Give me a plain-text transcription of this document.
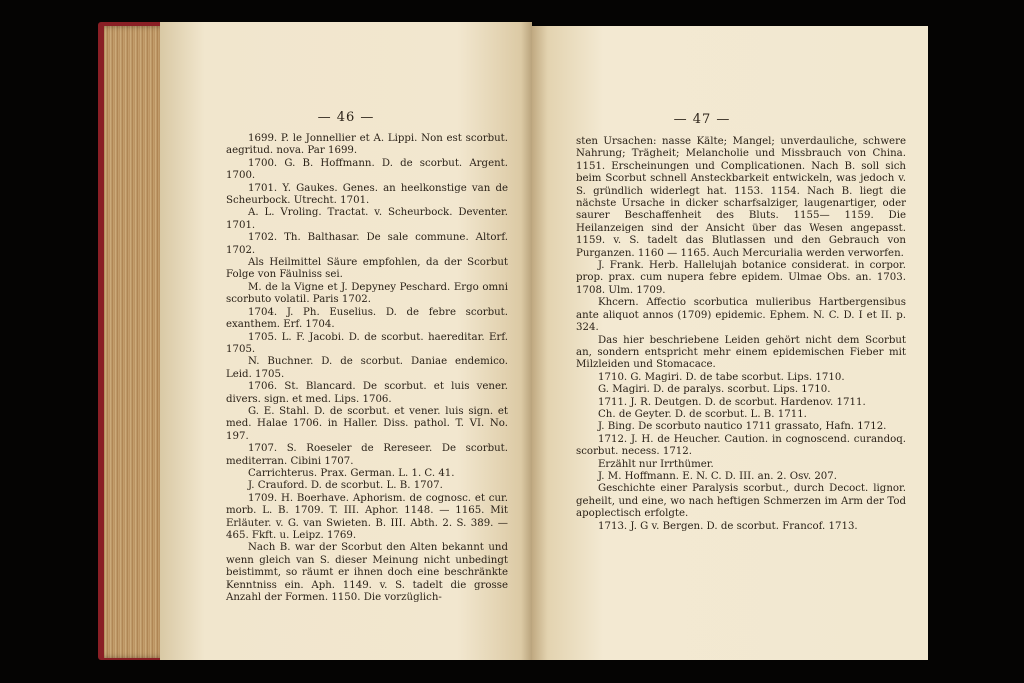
— 46 —

1699. P. le Jonnellier et A. Lippi. Non est scorbut. aegritud. nova. Par 1699.

1700. G. B. Hoffmann. D. de scorbut. Argent. 1700.

1701. Y. Gaukes. Genes. an heelkonstige van de Scheurbock. Utrecht. 1701.

A. L. Vroling. Tractat. v. Scheurbock. Deventer. 1701.

1702. Th. Balthasar. De sale commune. Altorf. 1702.

Als Heilmittel Säure empfohlen, da der Scorbut Folge von Fäulniss sei.

M. de la Vigne et J. Depyney Peschard. Ergo omni scorbuto volatil. Paris 1702.

1704. J. Ph. Euselius. D. de febre scorbut. exanthem. Erf. 1704.

1705. L. F. Jacobi. D. de scorbut. haereditar. Erf. 1705.

N. Buchner. D. de scorbut. Daniae endemico. Leid. 1705.

1706. St. Blancard. De scorbut. et luis vener. divers. sign. et med. Lips. 1706.

G. E. Stahl. D. de scorbut. et vener. luis sign. et med. Halae 1706. in Haller. Diss. pathol. T. VI. No. 197.

1707. S. Roeseler de Rereseer. De scorbut. mediterran. Cibini 1707.

Carrichterus. Prax. German. L. 1. C. 41.

J. Crauford. D. de scorbut. L. B. 1707.

1709. H. Boerhave. Aphorism. de cognosc. et cur. morb. L. B. 1709. T. III. Aphor. 1148. — 1165. Mit Erläuter. v. G. van Swieten. B. III. Abth. 2. S. 389. — 465. Fkft. u. Leipz. 1769.

Nach B. war der Scorbut den Alten bekannt und wenn gleich van S. dieser Meinung nicht unbedingt beistimmt, so räumt er ihnen doch eine beschränkte Kenntniss ein. Aph. 1149. v. S. tadelt die grosse Anzahl der Formen. 1150. Die vorzüglich-

— 47 —

sten Ursachen: nasse Kälte; Mangel; unverdauliche, schwere Nahrung; Trägheit; Melancholie und Missbrauch von China. 1151. Erscheinungen und Complicationen. Nach B. soll sich beim Scorbut schnell Ansteckbarkeit entwickeln, was jedoch v. S. gründlich widerlegt hat. 1153. 1154. Nach B. liegt die nächste Ursache in dicker scharfsalziger, laugenartiger, oder saurer Beschaffenheit des Bluts. 1155— 1159. Die Heilanzeigen sind der Ansicht über das Wesen angepasst. 1159. v. S. tadelt das Blutlassen und den Gebrauch von Purganzen. 1160 — 1165. Auch Mercurialia werden verworfen.

J. Frank. Herb. Hallelujah botanice considerat. in corpor. prop. prax. cum nupera febre epidem. Ulmae Obs. an. 1703. 1708. Ulm. 1709.

Khcern. Affectio scorbutica mulieribus Hartbergensibus ante aliquot annos (1709) epidemic. Ephem. N. C. D. I et II. p. 324.

Das hier beschriebene Leiden gehört nicht dem Scorbut an, sondern entspricht mehr einem epidemischen Fieber mit Milzleiden und Stomacace.

1710. G. Magiri. D. de tabe scorbut. Lips. 1710.

G. Magiri. D. de paralys. scorbut. Lips. 1710.

1711. J. R. Deutgen. D. de scorbut. Hardenov. 1711.

Ch. de Geyter. D. de scorbut. L. B. 1711.

J. Bing. De scorbuto nautico 1711 grassato, Hafn. 1712.

1712. J. H. de Heucher. Caution. in cognoscend. curandoq. scorbut. necess. 1712.

Erzählt nur Irrthümer.

J. M. Hoffmann. E. N. C. D. III. an. 2. Osv. 207.

Geschichte einer Paralysis scorbut., durch Decoct. lignor. geheilt, und eine, wo nach heftigen Schmerzen im Arm der Tod apoplectisch erfolgte.

1713. J. G v. Bergen. D. de scorbut. Francof. 1713.
